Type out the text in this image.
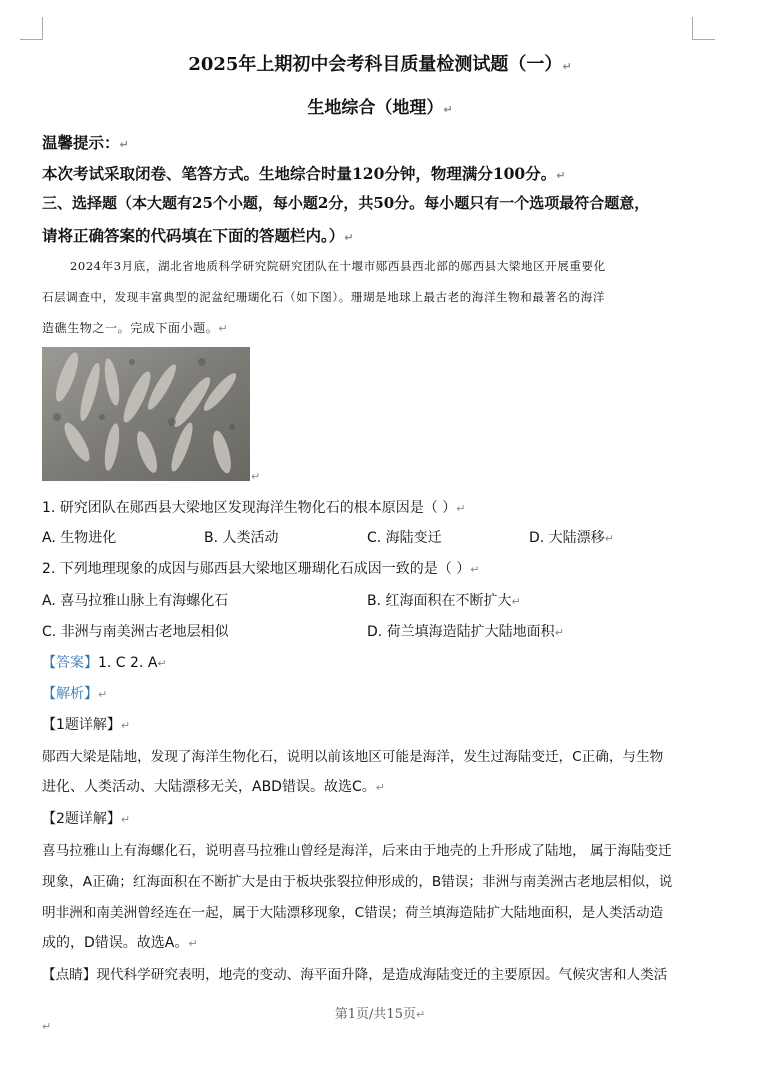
2025年上期初中会考科目质量检测试题（一）↵
生地综合（地理）↵
温馨提示：↵
本次考试采取闭卷、笔答方式。生地综合时量120分钟，物理满分100分。↵
三、选择题（本大题有25个小题，每小题2分，共50分。每小题只有一个选项最符合题意，
请将正确答案的代码填在下面的答题栏内。）↵
2024年3月底，湖北省地质科学研究院研究团队在十堰市郧西县西北部的郧西县大梁地区开展重要化
石层调查中，发现丰富典型的泥盆纪珊瑚化石（如下图）。珊瑚是地球上最古老的海洋生物和最著名的海洋
造礁生物之一。完成下面小题。↵
↵
1. 研究团队在郧西县大梁地区发现海洋生物化石的根本原因是（ ）↵
A. 生物进化	B. 人类活动	C. 海陆变迁	D. 大陆漂移↵
2. 下列地理现象的成因与郧西县大梁地区珊瑚化石成因一致的是（ ）↵
A. 喜马拉雅山脉上有海螺化石	B. 红海面积在不断扩大↵
C. 非洲与南美洲古老地层相似	D. 荷兰填海造陆扩大陆地面积↵
【答案】1. C 2. A↵
【解析】↵
【1题详解】↵
郧西大梁是陆地，发现了海洋生物化石，说明以前该地区可能是海洋，发生过海陆变迁，C正确，与生物
进化、人类活动、大陆漂移无关，ABD错误。故选C。↵
【2题详解】↵
喜马拉雅山上有海螺化石，说明喜马拉雅山曾经是海洋，后来由于地壳的上升形成了陆地， 属于海陆变迁
现象，A正确；红海面积在不断扩大是由于板块张裂拉伸形成的，B错误；非洲与南美洲古老地层相似，说
明非洲和南美洲曾经连在一起，属于大陆漂移现象，C错误；荷兰填海造陆扩大陆地面积，是人类活动造
成的，D错误。故选A。↵
【点睛】现代科学研究表明，地壳的变动、海平面升降，是造成海陆变迁的主要原因。气候灾害和人类活
第1页/共15页↵
↵
